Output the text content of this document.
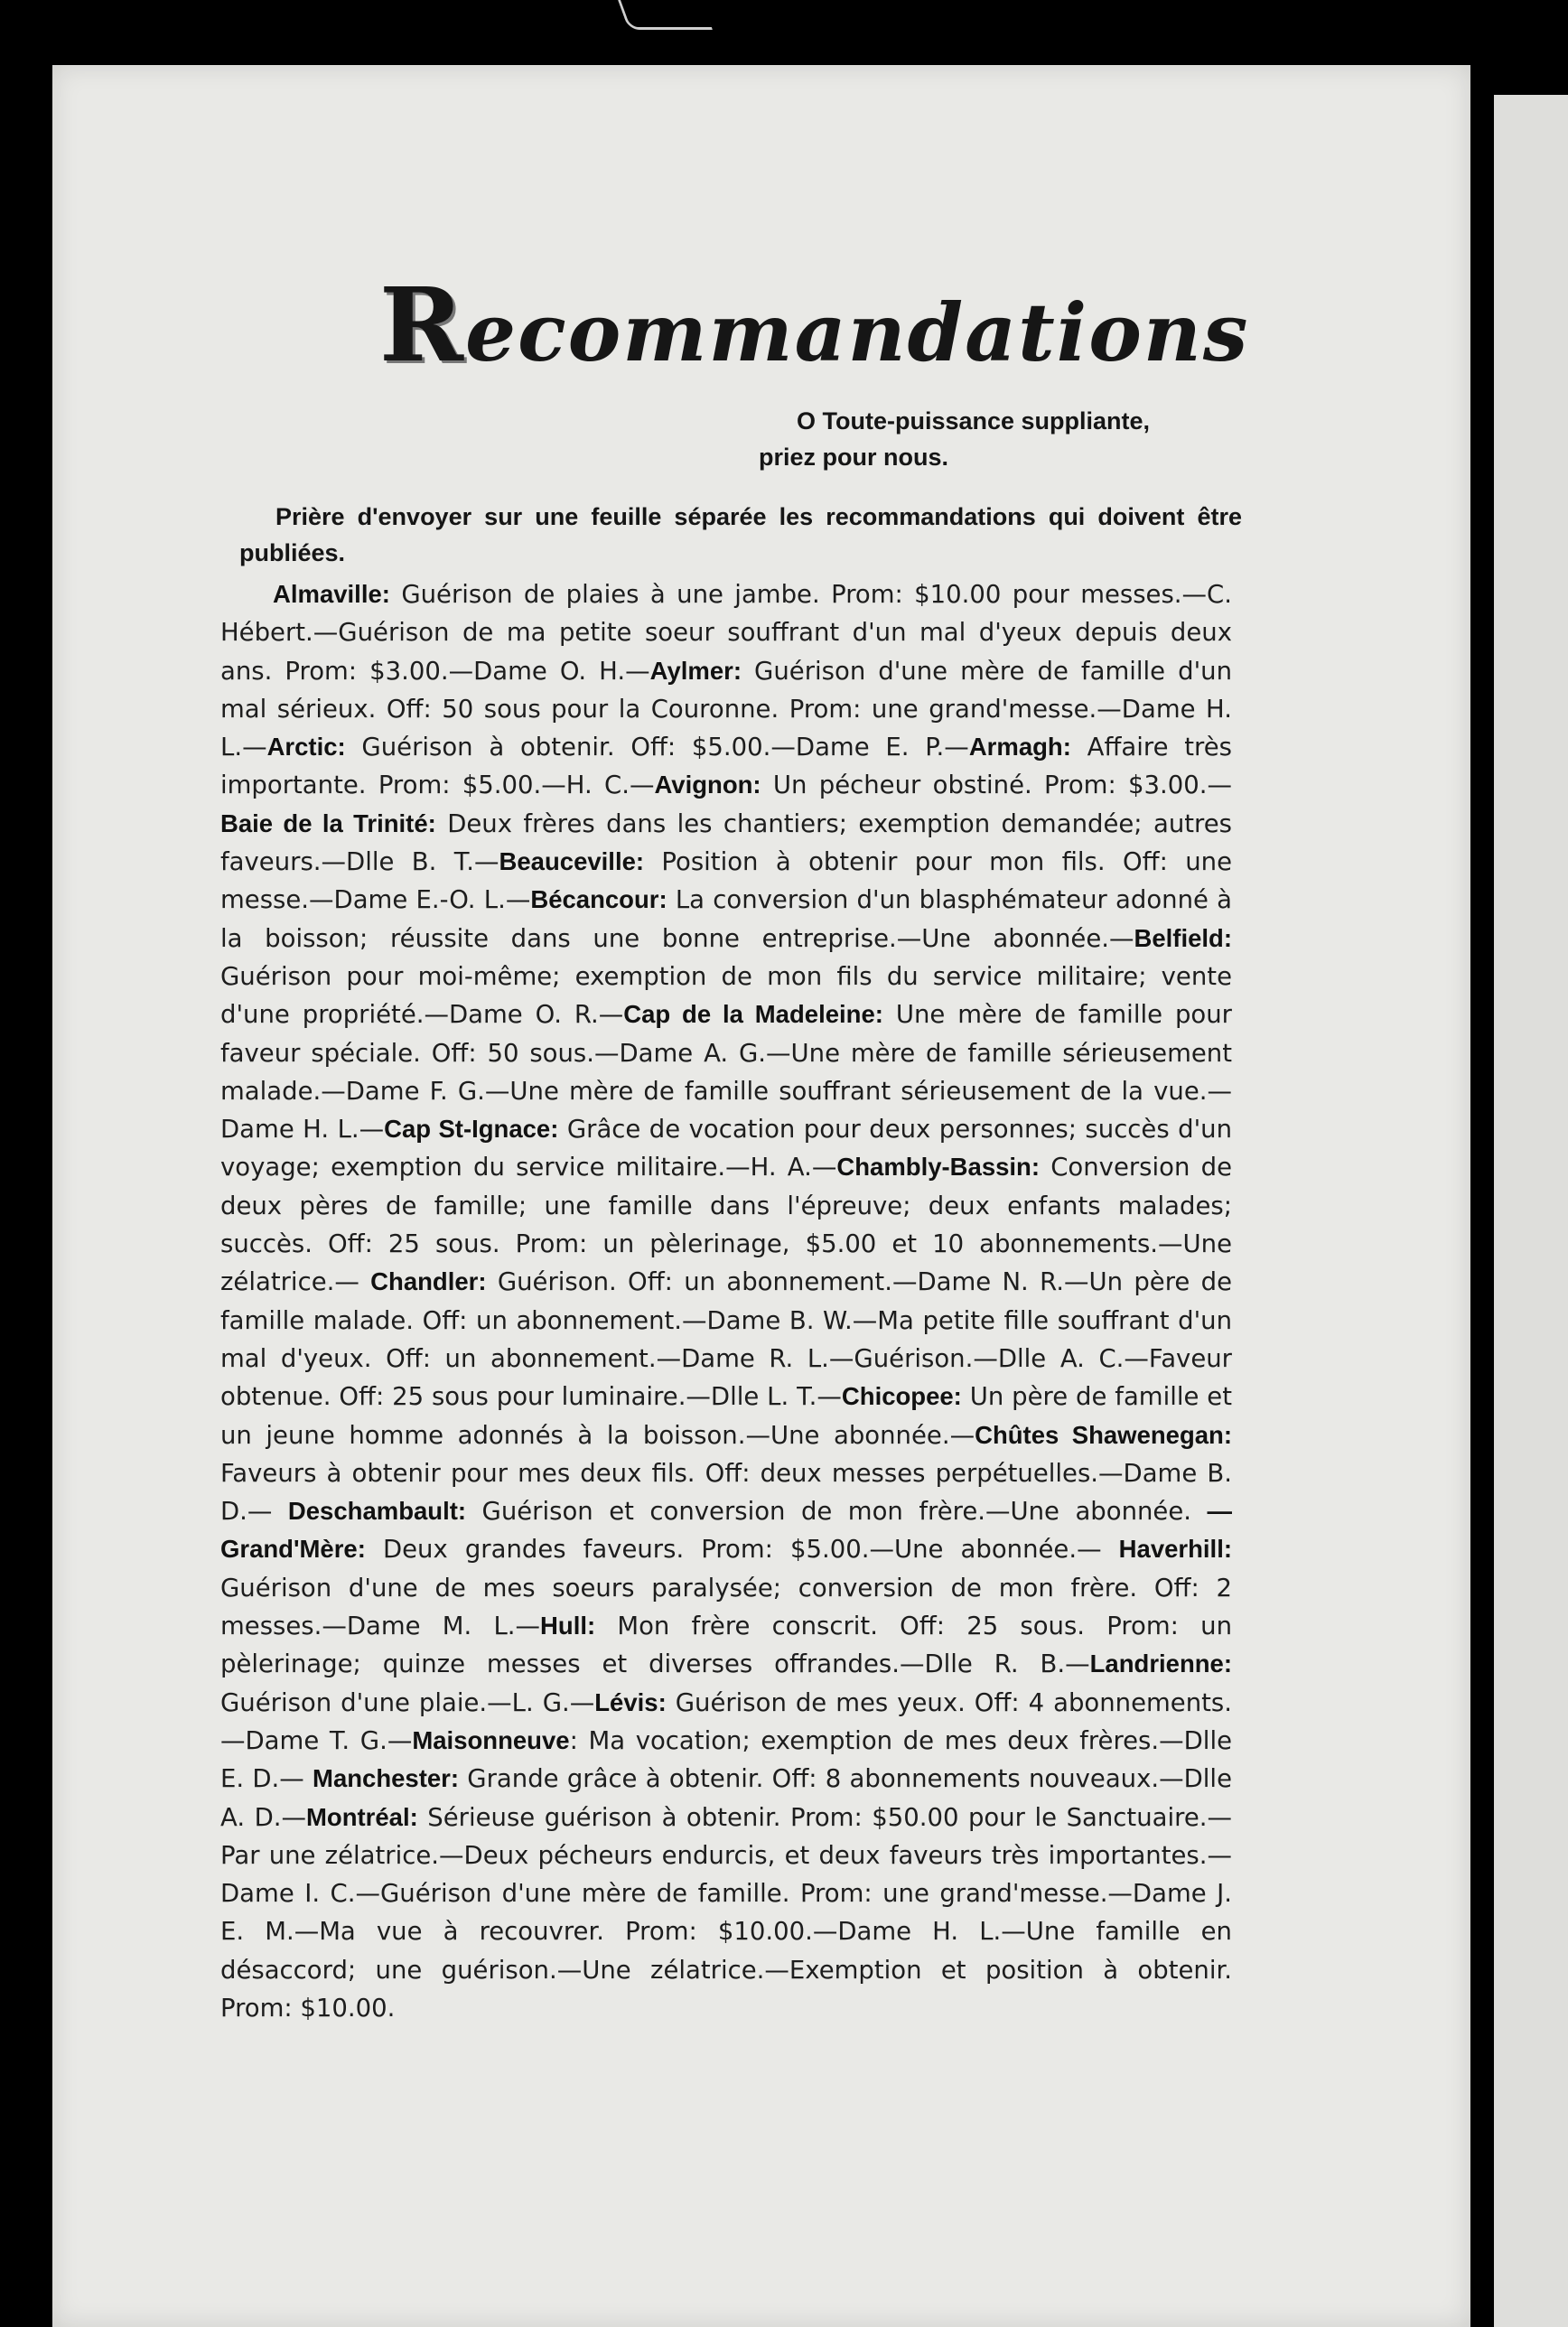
Recommandations
O Toute-puissance suppliante,
priez pour nous.
Prière d'envoyer sur une feuille séparée les recommandations qui doivent être publiées.
Almaville: Guérison de plaies à une jambe. Prom: $10.00 pour messes.—C. Hébert.—Guérison de ma petite soeur souffrant d'un mal d'yeux depuis deux ans. Prom: $3.00.—Dame O. H.—Aylmer: Guérison d'une mère de famille d'un mal sérieux. Off: 50 sous pour la Couronne. Prom: une grand'messe.—Dame H. L.—Arctic: Guérison à obtenir. Off: $5.00.—Dame E. P.—Armagh: Affaire très importante. Prom: $5.00.—H. C.—Avignon: Un pécheur obstiné. Prom: $3.00.— Baie de la Trinité: Deux frères dans les chantiers; exemption demandée; autres faveurs.—Dlle B. T.—Beauceville: Position à obtenir pour mon fils. Off: une messe.—Dame E.-O. L.—Bécancour: La conversion d'un blasphémateur adonné à la boisson; réussite dans une bonne entreprise.—Une abonnée.—Belfield: Guérison pour moi-même; exemption de mon fils du service militaire; vente d'une propriété.—Dame O. R.—Cap de la Madeleine: Une mère de famille pour faveur spéciale. Off: 50 sous.—Dame A. G.—Une mère de famille sérieusement malade.—Dame F. G.—Une mère de famille souffrant sérieusement de la vue.—Dame H. L.—Cap St-Ignace: Grâce de vocation pour deux personnes; succès d'un voyage; exemption du service militaire.—H. A.—Chambly-Bassin: Conversion de deux pères de famille; une famille dans l'épreuve; deux enfants malades; succès. Off: 25 sous. Prom: un pèlerinage, $5.00 et 10 abonnements.—Une zélatrice.— Chandler: Guérison. Off: un abonnement.—Dame N. R.—Un père de famille malade. Off: un abonnement.—Dame B. W.—Ma petite fille souffrant d'un mal d'yeux. Off: un abonnement.—Dame R. L.—Guérison.—Dlle A. C.—Faveur obtenue. Off: 25 sous pour luminaire.—Dlle L. T.—Chicopee: Un père de famille et un jeune homme adonnés à la boisson.—Une abonnée.—Chûtes Shawenegan: Faveurs à obtenir pour mes deux fils. Off: deux messes perpétuelles.—Dame B. D.— Deschambault: Guérison et conversion de mon frère.—Une abonnée. —Grand'Mère: Deux grandes faveurs. Prom: $5.00.—Une abonnée.— Haverhill: Guérison d'une de mes soeurs paralysée; conversion de mon frère. Off: 2 messes.—Dame M. L.—Hull: Mon frère conscrit. Off: 25 sous. Prom: un pèlerinage; quinze messes et diverses offrandes.—Dlle R. B.—Landrienne: Guérison d'une plaie.—L. G.—Lévis: Guérison de mes yeux. Off: 4 abonnements.—Dame T. G.—Maisonneuve: Ma vocation; exemption de mes deux frères.—Dlle E. D.— Manchester: Grande grâce à obtenir. Off: 8 abonnements nouveaux.—Dlle A. D.—Montréal: Sérieuse guérison à obtenir. Prom: $50.00 pour le Sanctuaire.—Par une zélatrice.—Deux pécheurs endurcis, et deux faveurs très importantes.—Dame I. C.—Guérison d'une mère de famille. Prom: une grand'messe.—Dame J. E. M.—Ma vue à recouvrer. Prom: $10.00.—Dame H. L.—Une famille en désaccord; une guérison.—Une zélatrice.—Exemption et position à obtenir. Prom: $10.00.
